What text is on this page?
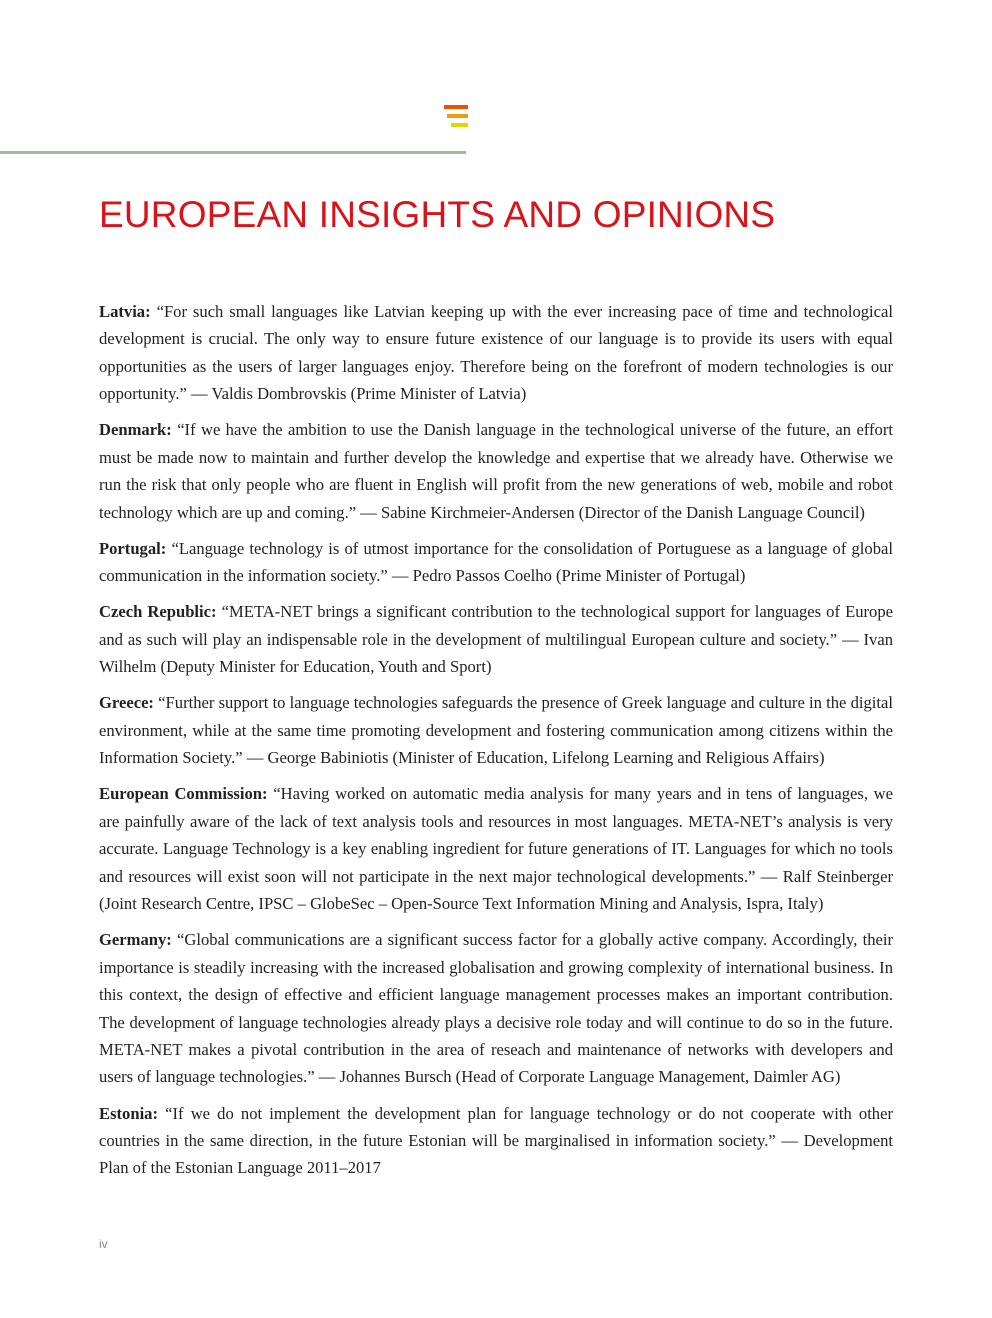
EUROPEAN INSIGHTS AND OPINIONS

Latvia: “For such small languages like Latvian keeping up with the ever increasing pace of time and technological development is crucial. The only way to ensure future existence of our language is to provide its users with equal opportunities as the users of larger languages enjoy. Therefore being on the forefront of modern technologies is our opportunity.” — Valdis Dombrovskis (Prime Minister of Latvia)

Denmark: “If we have the ambition to use the Danish language in the technological universe of the future, an effort must be made now to maintain and further develop the knowledge and expertise that we already have. Otherwise we run the risk that only people who are fluent in English will profit from the new generations of web, mobile and robot technology which are up and coming.” — Sabine Kirchmeier-Andersen (Director of the Danish Language Council)

Portugal: “Language technology is of utmost importance for the consolidation of Portuguese as a language of global communication in the information society.” — Pedro Passos Coelho (Prime Minister of Portugal)

Czech Republic: “META-NET brings a significant contribution to the technological support for languages of Europe and as such will play an indispensable role in the development of multilingual European culture and society.” — Ivan Wilhelm (Deputy Minister for Education, Youth and Sport)

Greece: “Further support to language technologies safeguards the presence of Greek language and culture in the digital environment, while at the same time promoting development and fostering communication among citizens within the Information Society.” — George Babiniotis (Minister of Education, Lifelong Learning and Religious Affairs)

European Commission: “Having worked on automatic media analysis for many years and in tens of languages, we are painfully aware of the lack of text analysis tools and resources in most languages. META-NET’s analysis is very accurate. Language Technology is a key enabling ingredient for future generations of IT. Languages for which no tools and resources will exist soon will not participate in the next major technological developments.” — Ralf Steinberger (Joint Research Centre, IPSC – GlobeSec – Open-Source Text Information Mining and Analysis, Ispra, Italy)

Germany: “Global communications are a significant success factor for a globally active company. Accordingly, their importance is steadily increasing with the increased globalisation and growing complexity of international business. In this context, the design of effective and efficient language management processes makes an important contribution. The development of language technologies already plays a decisive role today and will continue to do so in the future. META-NET makes a pivotal contribution in the area of reseach and maintenance of networks with developers and users of language technologies.” — Johannes Bursch (Head of Corporate Language Management, Daimler AG)

Estonia: “If we do not implement the development plan for language technology or do not cooperate with other countries in the same direction, in the future Estonian will be marginalised in information society.” — Development Plan of the Estonian Language 2011–2017

iv
